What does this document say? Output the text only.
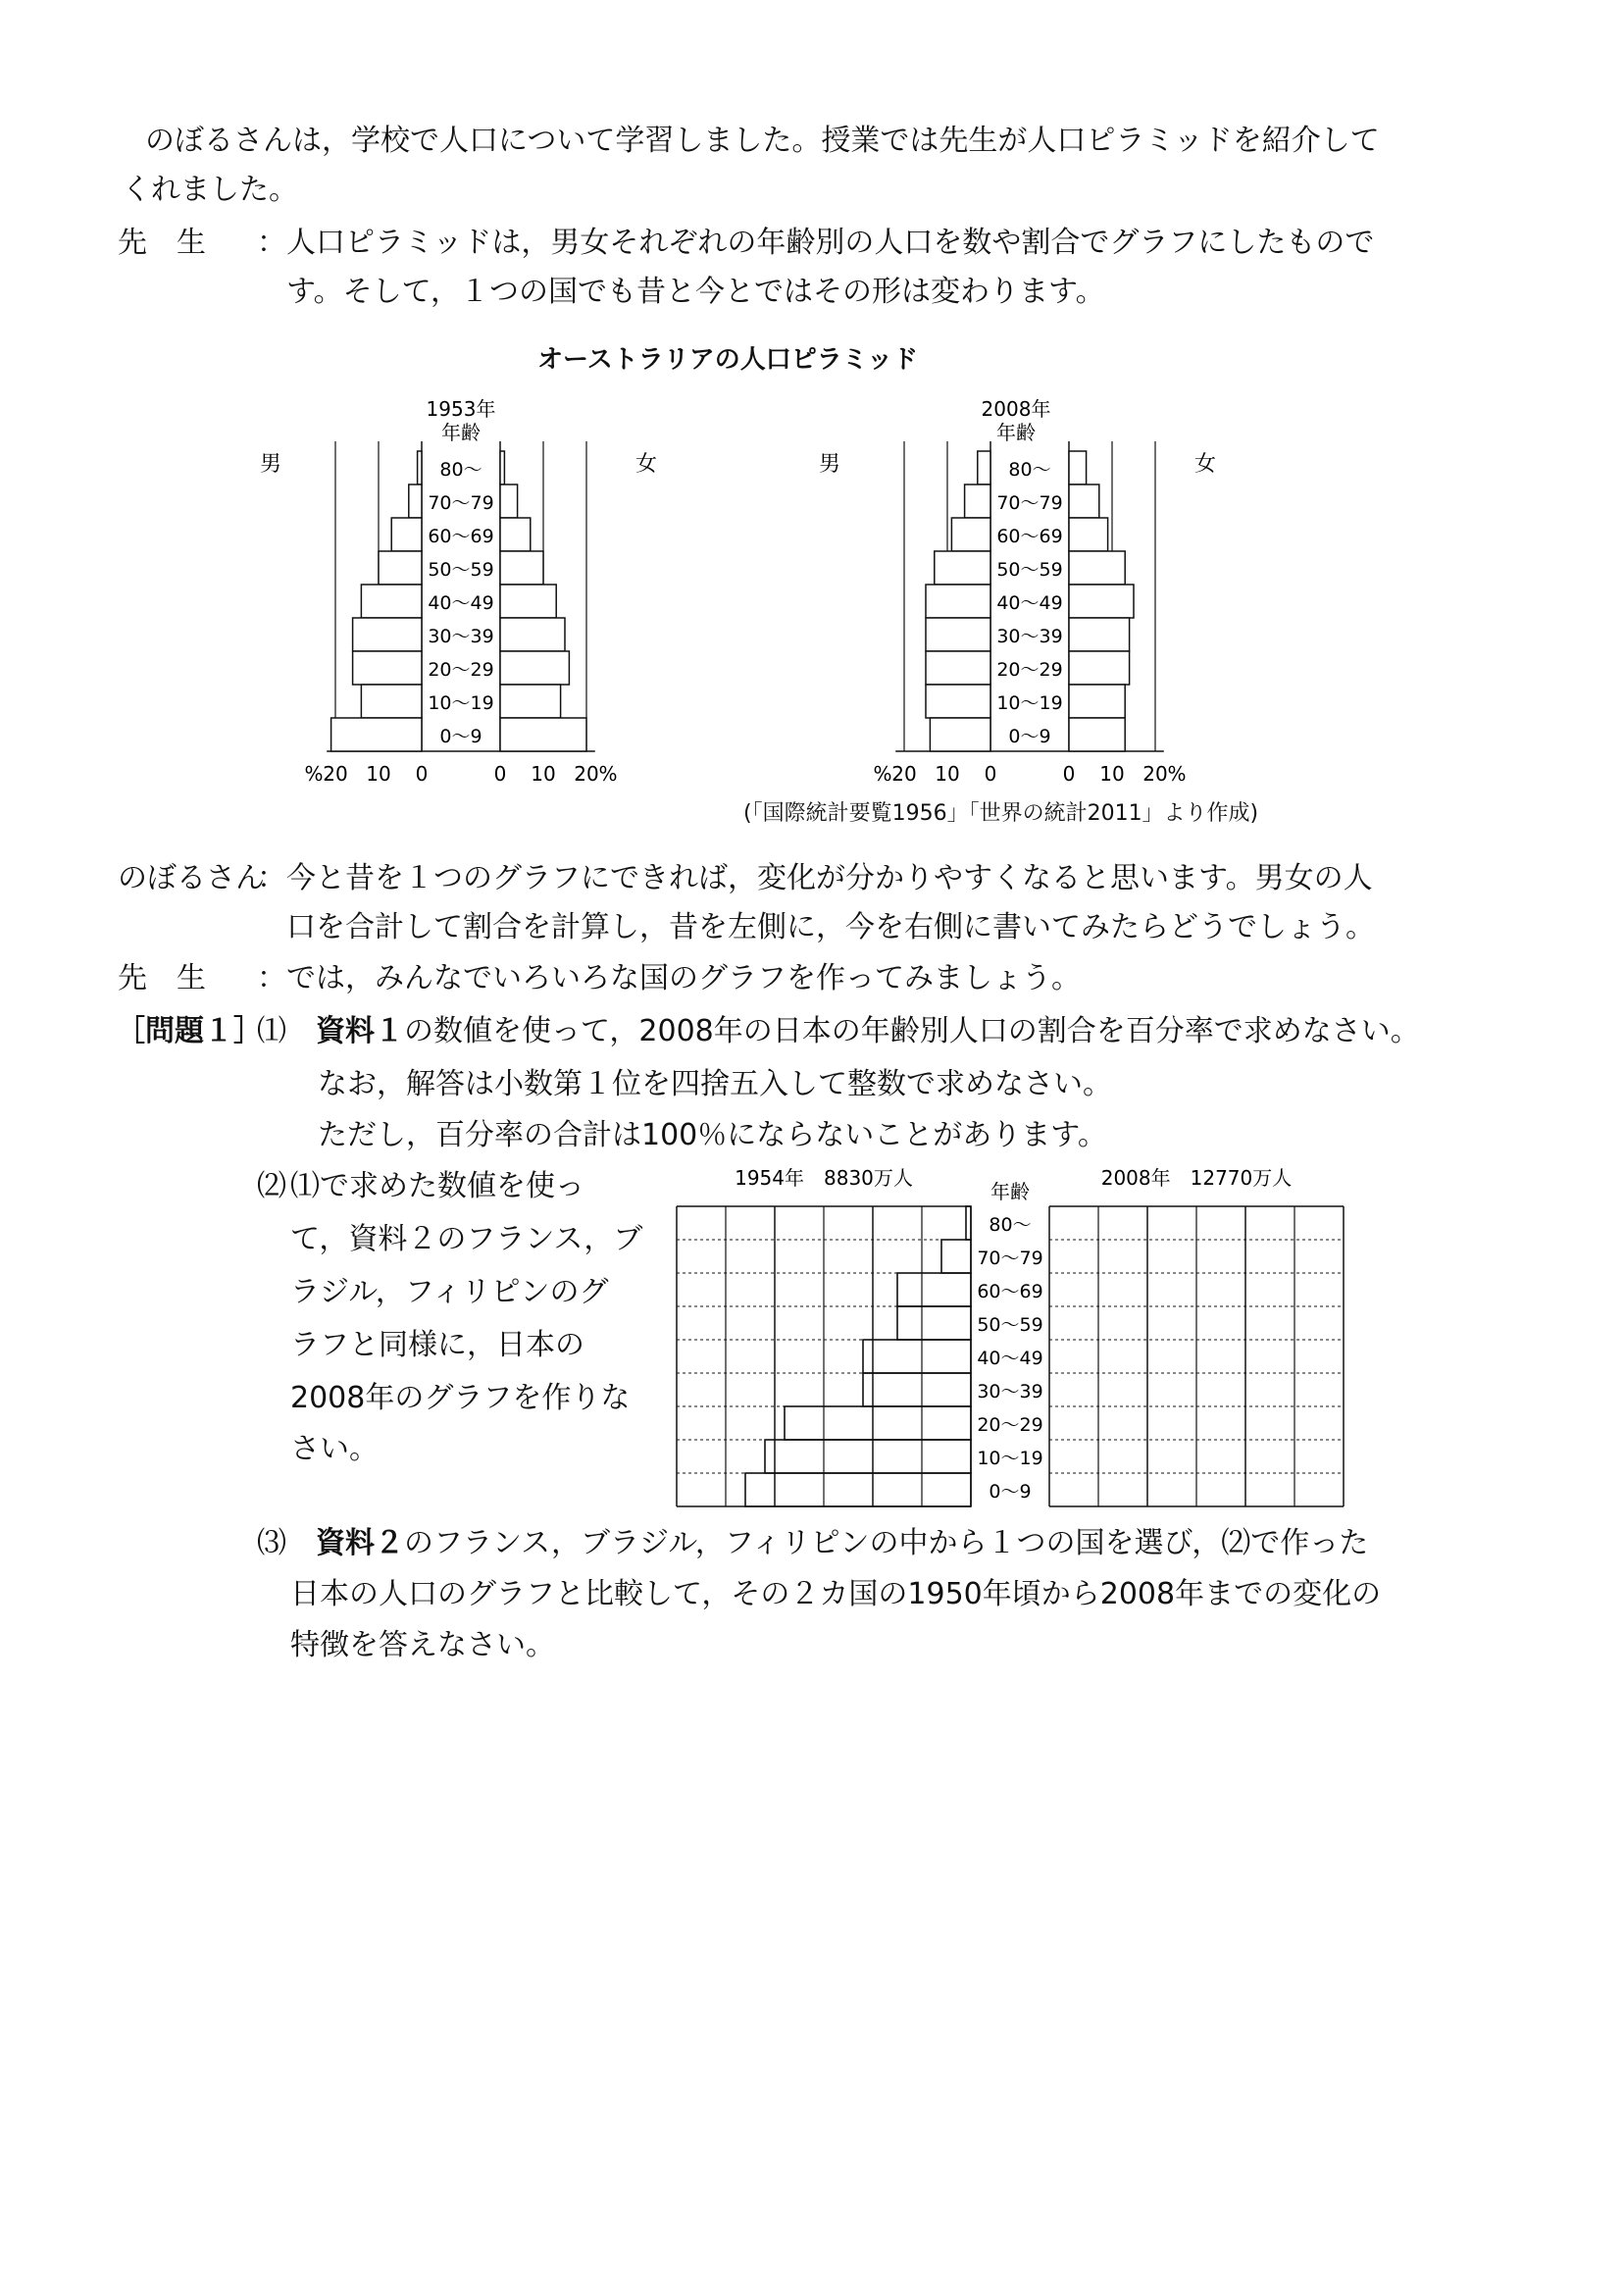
のぼるさんは，学校で人口について学習しました。授業では先生が人口ピラミッドを紹介して
くれました。
先　生 ：人口ピラミッドは，男女それぞれの年齢別の人口を数や割合でグラフにしたもので
す。そして，１つの国でも昔と今とではその形は変わります。
オーストラリアの人口ピラミッド
1953年
年齢
男	女
80～
70～79
60～69
50～59
40～49
30～39
20～29
10～19
0～9
20 10 0	0 10 20
%	%
2008年
年齢
男	女
80～
70～79
60～69
50～59
40～49
30～39
20～29
10～19
0～9
20 10 0	0 10 20
%	%
(「国際統計要覧1956」「世界の統計2011」より作成)
のぼるさん
：今と昔を１つのグラフにできれば，変化が分かりやすくなると思います。男女の人
口を合計して割合を計算し，昔を左側に，今を右側に書いてみたらどうでしょう。
先　生 ：では，みんなでいろいろな国のグラフを作ってみましょう。
［問題１］
⑴ 資料１の数値を使って，2008年の日本の年齢別人口の割合を百分率で求めなさい。
なお，解答は小数第１位を四捨五入して整数で求めなさい。
ただし，百分率の合計は100％にならないことがあります。
⑵ ⑴で求めた数値を使っ
て，資料２のフランス，ブ
ラジル，フィリピンのグ
ラフと同様に，日本の
2008年のグラフを作りな
さい。
1954年　8830万人	2008年　12770万人
年齢
80～
70～79
60～69
50～59
40～49
30～39
20～29
10～19
0～9
⑶ 資料２のフランス，ブラジル，フィリピンの中から１つの国を選び，⑵で作った
日本の人口のグラフと比較して，その２カ国の1950年頃から2008年までの変化の
特徴を答えなさい。
